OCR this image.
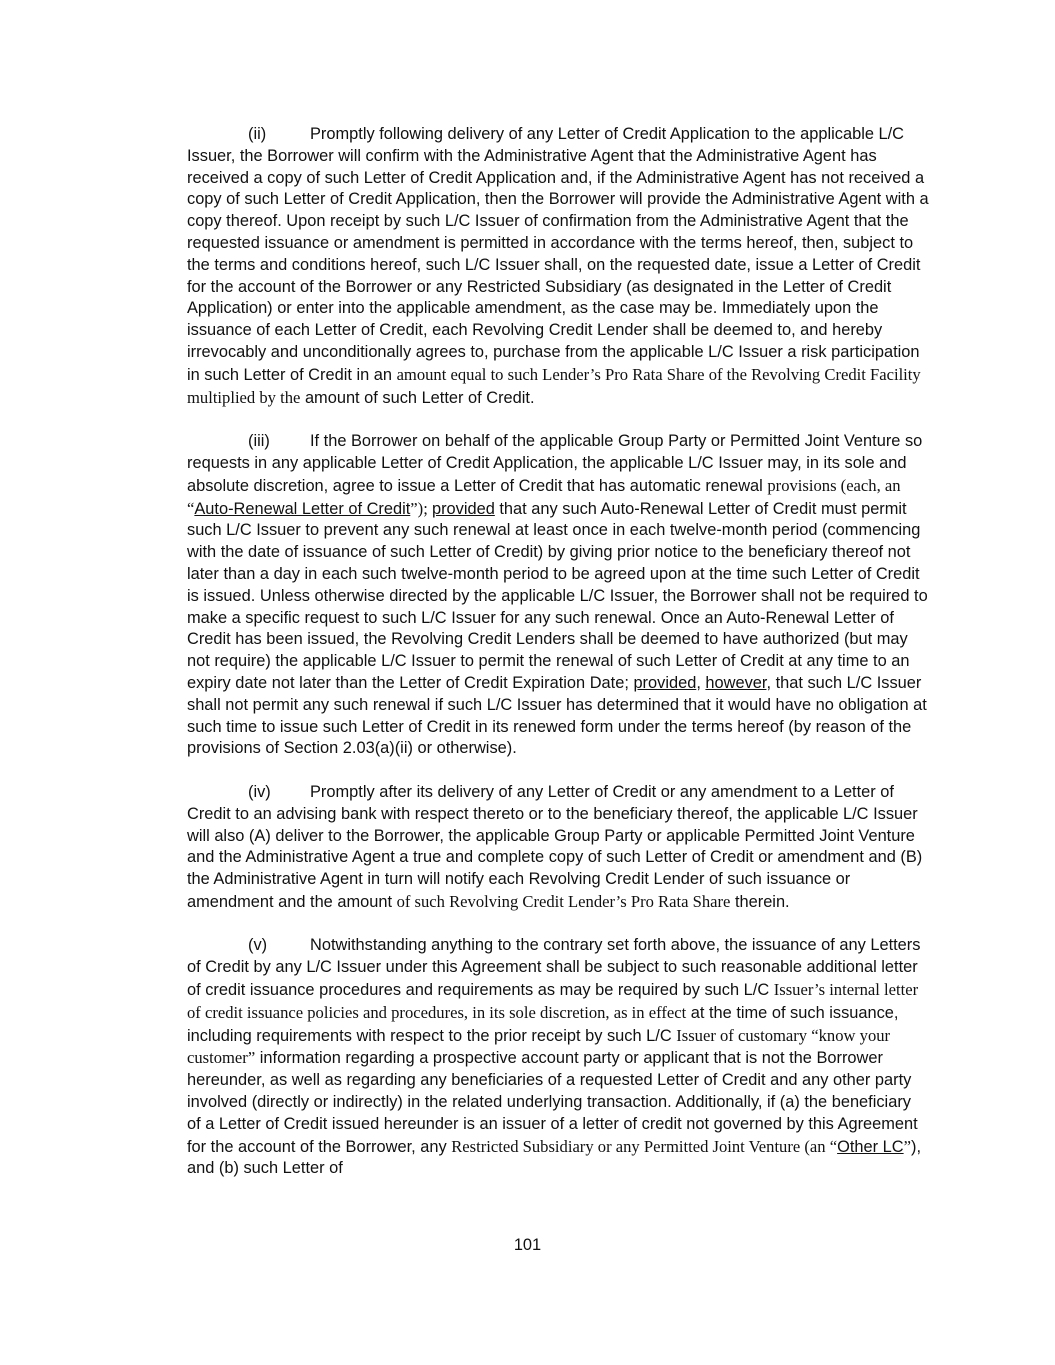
(ii)	Promptly following delivery of any Letter of Credit Application to the applicable L/C Issuer, the Borrower will confirm with the Administrative Agent that the Administrative Agent has received a copy of such Letter of Credit Application and, if the Administrative Agent has not received a copy of such Letter of Credit Application, then the Borrower will provide the Administrative Agent with a copy thereof. Upon receipt by such L/C Issuer of confirmation from the Administrative Agent that the requested issuance or amendment is permitted in accordance with the terms hereof, then, subject to the terms and conditions hereof, such L/C Issuer shall, on the requested date, issue a Letter of Credit for the account of the Borrower or any Restricted Subsidiary (as designated in the Letter of Credit Application) or enter into the applicable amendment, as the case may be. Immediately upon the issuance of each Letter of Credit, each Revolving Credit Lender shall be deemed to, and hereby irrevocably and unconditionally agrees to, purchase from the applicable L/C Issuer a risk participation in such Letter of Credit in an amount equal to such Lender’s Pro Rata Share of the Revolving Credit Facility multiplied by the amount of such Letter of Credit.

(iii) If the Borrower on behalf of the applicable Group Party or Permitted Joint Venture so requests in any applicable Letter of Credit Application, the applicable L/C Issuer may, in its sole and absolute discretion, agree to issue a Letter of Credit that has automatic renewal provisions (each, an “Auto-Renewal Letter of Credit”); provided that any such Auto-Renewal Letter of Credit must permit such L/C Issuer to prevent any such renewal at least once in each twelve-month period (commencing with the date of issuance of such Letter of Credit) by giving prior notice to the beneficiary thereof not later than a day in each such twelve-month period to be agreed upon at the time such Letter of Credit is issued. Unless otherwise directed by the applicable L/C Issuer, the Borrower shall not be required to make a specific request to such L/C Issuer for any such renewal. Once an Auto-Renewal Letter of Credit has been issued, the Revolving Credit Lenders shall be deemed to have authorized (but may not require) the applicable L/C Issuer to permit the renewal of such Letter of Credit at any time to an expiry date not later than the Letter of Credit Expiration Date; provided, however, that such L/C Issuer shall not permit any such renewal if such L/C Issuer has determined that it would have no obligation at such time to issue such Letter of Credit in its renewed form under the terms hereof (by reason of the provisions of Section 2.03(a)(ii) or otherwise).

(iv) Promptly after its delivery of any Letter of Credit or any amendment to a Letter of Credit to an advising bank with respect thereto or to the beneficiary thereof, the applicable L/C Issuer will also (A) deliver to the Borrower, the applicable Group Party or applicable Permitted Joint Venture and the Administrative Agent a true and complete copy of such Letter of Credit or amendment and (B) the Administrative Agent in turn will notify each Revolving Credit Lender of such issuance or amendment and the amount of such Revolving Credit Lender’s Pro Rata Share therein.

(v)	Notwithstanding anything to the contrary set forth above, the issuance of any Letters of Credit by any L/C Issuer under this Agreement shall be subject to such reasonable additional letter of credit issuance procedures and requirements as may be required by such L/C Issuer’s internal letter of credit issuance policies and procedures, in its sole discretion, as in effect at the time of such issuance, including requirements with respect to the prior receipt by such L/C Issuer of customary “know your customer” information regarding a prospective account party or applicant that is not the Borrower hereunder, as well as regarding any beneficiaries of a requested Letter of Credit and any other party involved (directly or indirectly) in the related underlying transaction. Additionally, if (a) the beneficiary of a Letter of Credit issued hereunder is an issuer of a letter of credit not governed by this Agreement for the account of the Borrower, any Restricted Subsidiary or any Permitted Joint Venture (an “Other LC”), and (b) such Letter of

101
